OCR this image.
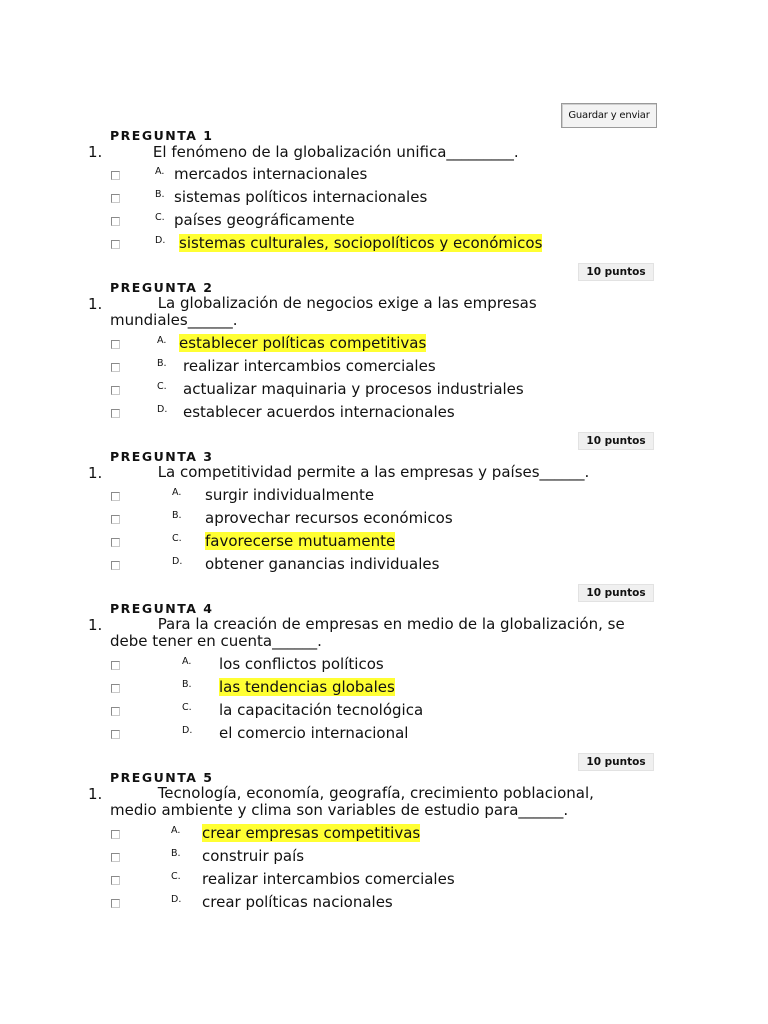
Guardar y enviar
PREGUNTA 1
1. El fenómeno de la globalización unifica_________.
A. mercados internacionales
B. sistemas políticos internacionales
C. países geográficamente
D. sistemas culturales, sociopolíticos y económicos
10 puntos
PREGUNTA 2
1.	La globalización de negocios exige a las empresas
mundiales______.
A. establecer políticas competitivas
B. realizar intercambios comerciales
C. actualizar maquinaria y procesos industriales
D. establecer acuerdos internacionales
10 puntos
PREGUNTA 3
1. La competitividad permite a las empresas y países______.
A. surgir individualmente
B. aprovechar recursos económicos
C. favorecerse mutuamente
D. obtener ganancias individuales
10 puntos
PREGUNTA 4
1.	Para la creación de empresas en medio de la globalización, se
debe tener en cuenta______.
A. los conflictos políticos
B. las tendencias globales
C. la capacitación tecnológica
D. el comercio internacional
10 puntos
PREGUNTA 5
1.	Tecnología, economía, geografía, crecimiento poblacional,
medio ambiente y clima son variables de estudio para______.
A. crear empresas competitivas
B. construir país
C. realizar intercambios comerciales
D. crear políticas nacionales
